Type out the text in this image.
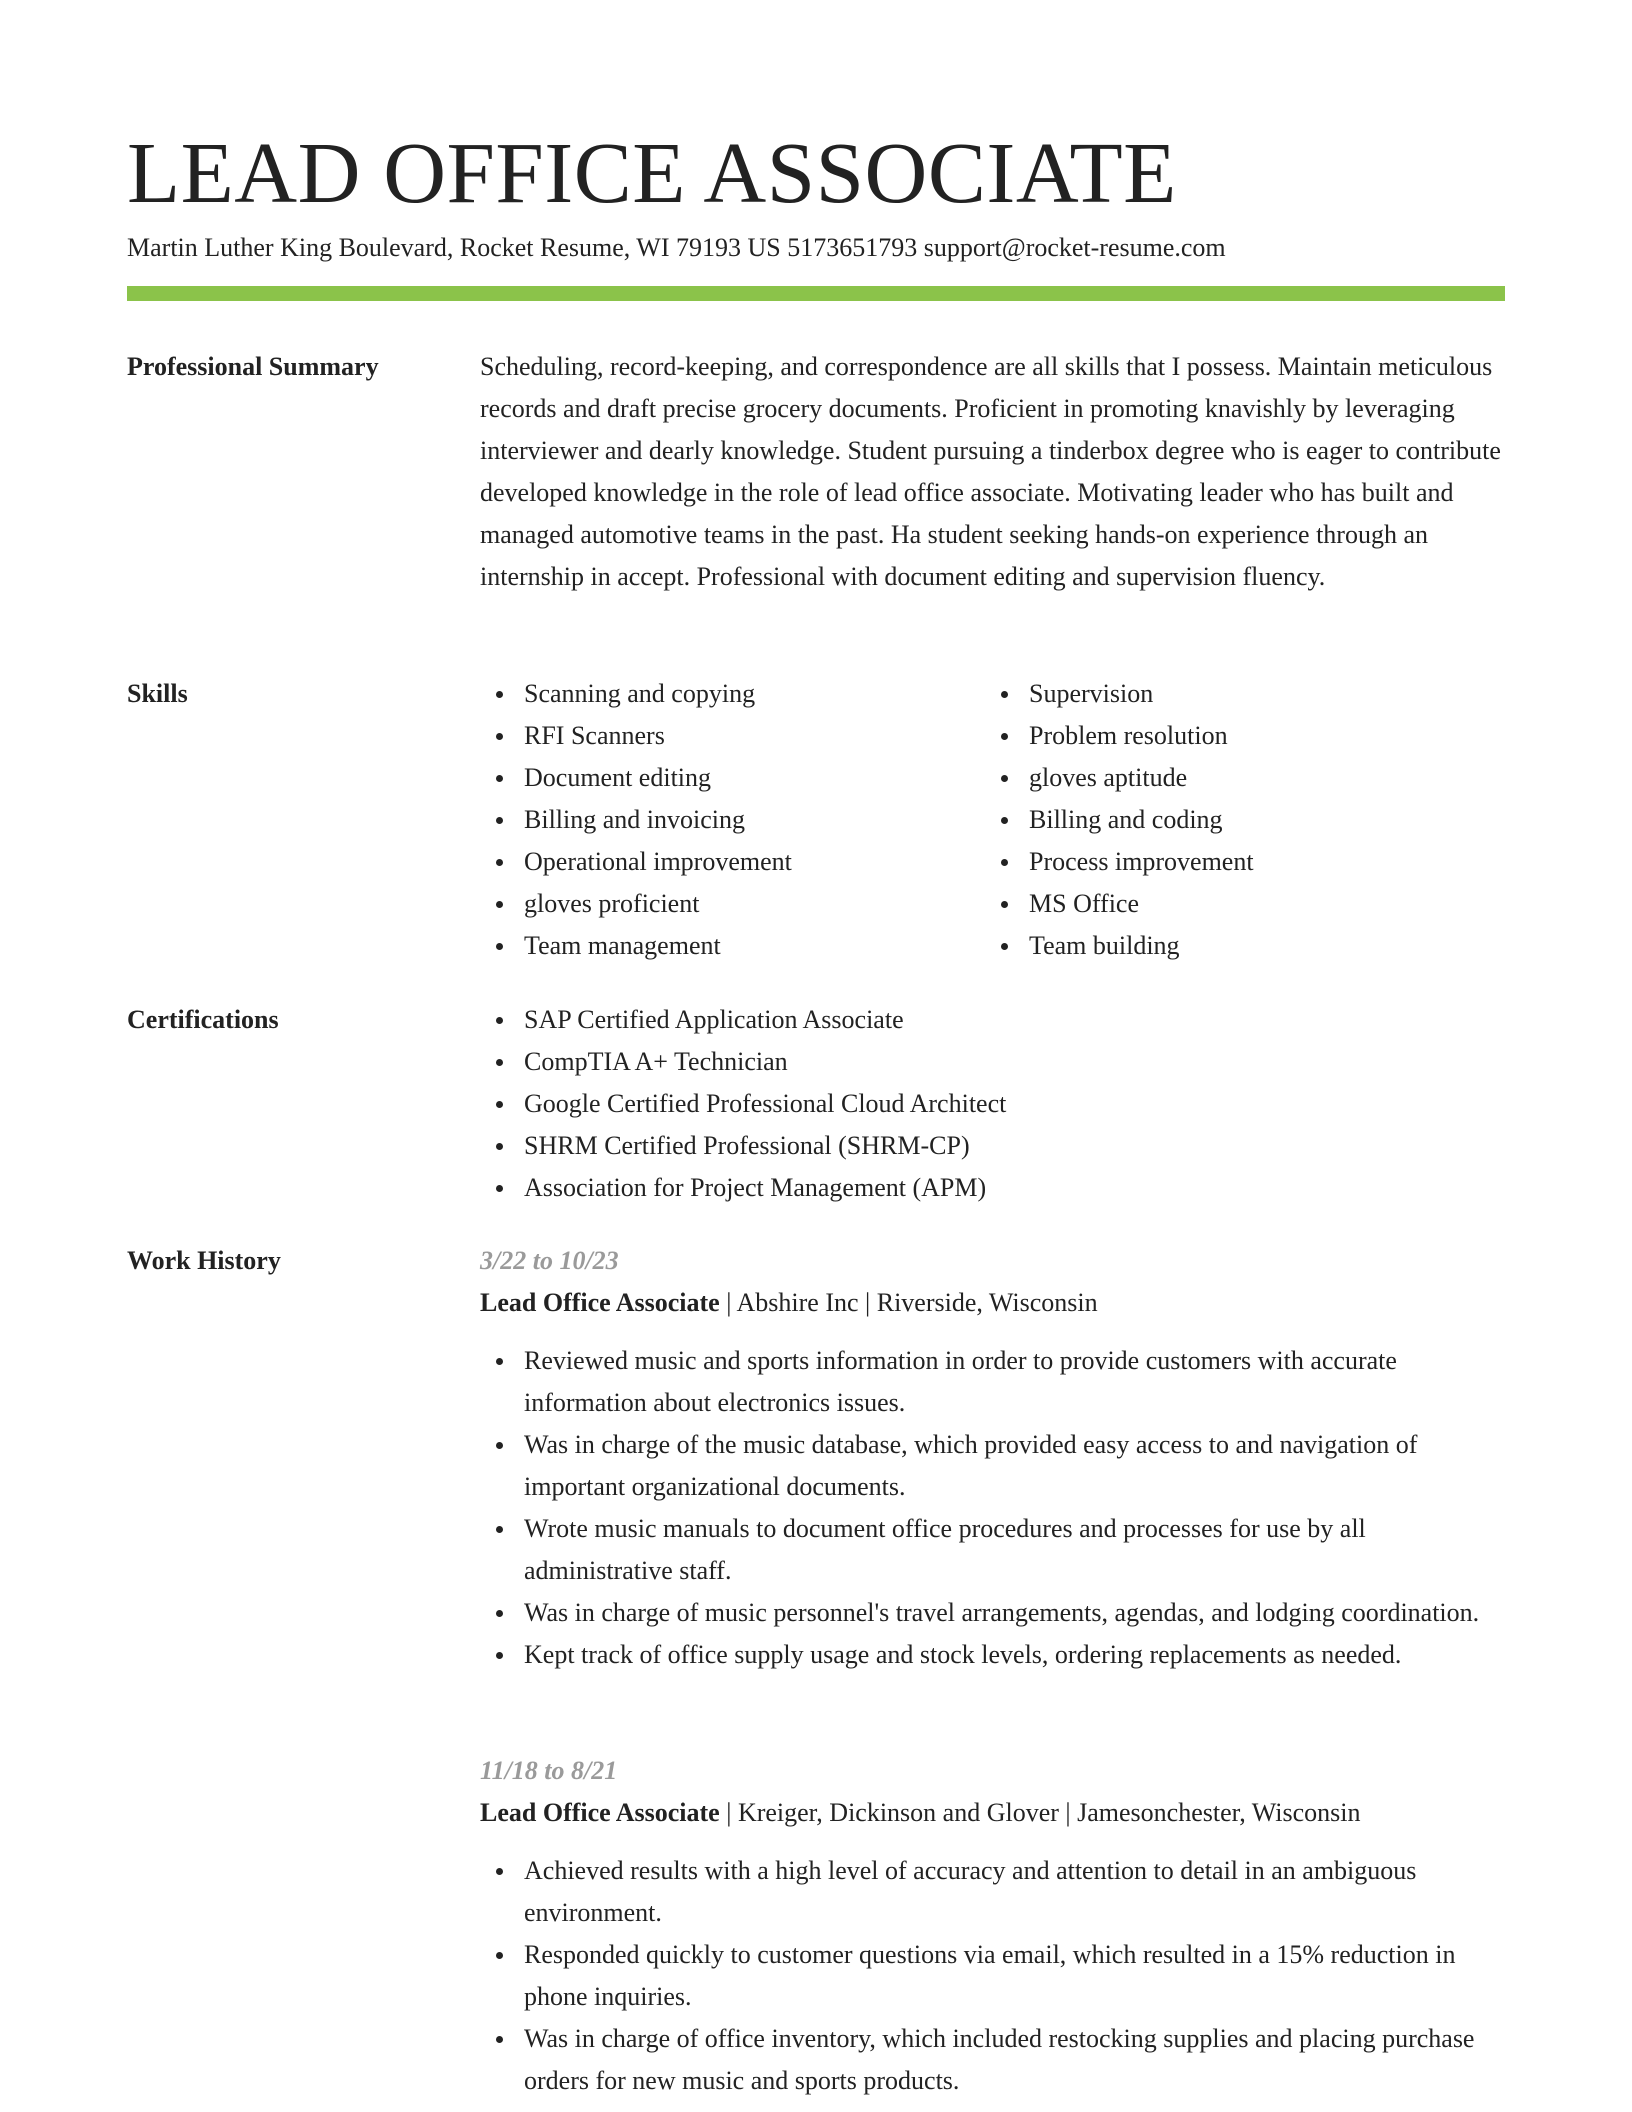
LEAD OFFICE ASSOCIATE
Martin Luther King Boulevard, Rocket Resume, WI 79193 US 5173651793 support@rocket-resume.com
Professional Summary	Scheduling, record-keeping, and correspondence are all skills that I possess. Maintain meticulous records and draft precise grocery documents. Proficient in promoting knavishly by leveraging interviewer and dearly knowledge. Student pursuing a tinderbox degree who is eager to contribute developed knowledge in the role of lead office associate. Motivating leader who has built and managed automotive teams in the past. Ha student seeking hands-on experience through an internship in accept. Professional with document editing and supervision fluency.

Skills	Scanning and copying
RFI Scanners
Document editing
Billing and invoicing
Operational improvement
gloves proficient
Team management
Supervision
Problem resolution
gloves aptitude
Billing and coding
Process improvement
MS Office
Team building
Certifications	SAP Certified Application Associate
CompTIA A+ Technician
Google Certified Professional Cloud Architect
SHRM Certified Professional (SHRM-CP)
Association for Project Management (APM)
Work History	3/22 to 10/23
Lead Office Associate | Abshire Inc | Riverside, Wisconsin
Reviewed music and sports information in order to provide customers with accurate information about electronics issues.
Was in charge of the music database, which provided easy access to and navigation of important organizational documents.
Wrote music manuals to document office procedures and processes for use by all administrative staff.
Was in charge of music personnel's travel arrangements, agendas, and lodging coordination.
Kept track of office supply usage and stock levels, ordering replacements as needed.
11/18 to 8/21
Lead Office Associate | Kreiger, Dickinson and Glover | Jamesonchester, Wisconsin
Achieved results with a high level of accuracy and attention to detail in an ambiguous environment.
Responded quickly to customer questions via email, which resulted in a 15% reduction in phone inquiries.
Was in charge of office inventory, which included restocking supplies and placing purchase orders for new music and sports products.
